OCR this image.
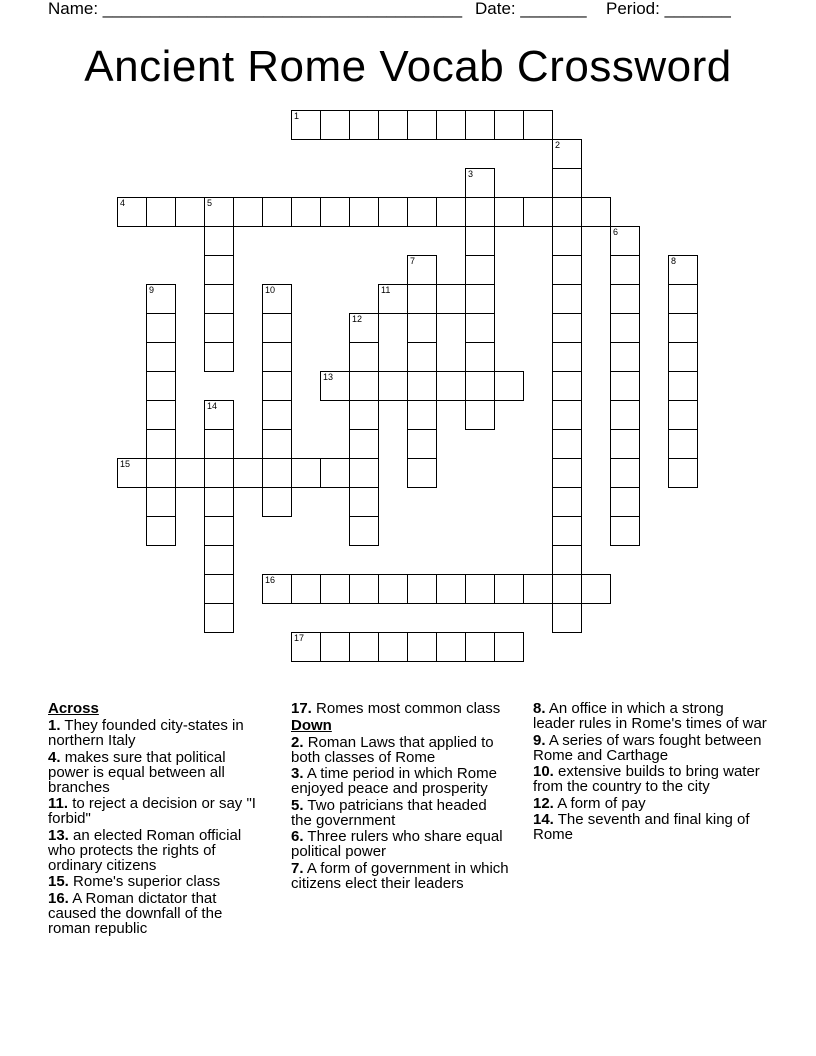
Name: ______________________________________ Date: _______ Period: _______
Ancient Rome Vocab Crossword
1
4	5
11
13
15
16
17
2
3
6
7	8
9	10
12
14
Across
1. They founded city-states in northern Italy
4. makes sure that political power is equal between all branches
11. to reject a decision or say "I forbid"
13. an elected Roman official who protects the rights of ordinary citizens
15. Rome's superior class
16. A Roman dictator that caused the downfall of the roman republic
17. Romes most common class
Down
2. Roman Laws that applied to both classes of Rome
3. A time period in which Rome enjoyed peace and prosperity
5. Two patricians that headed the government
6. Three rulers who share equal political power
7. A form of government in which citizens elect their leaders
8. An office in which a strong leader rules in Rome's times of war
9. A series of wars fought between Rome and Carthage
10. extensive builds to bring water from the country to the city
12. A form of pay
14. The seventh and final king of Rome
